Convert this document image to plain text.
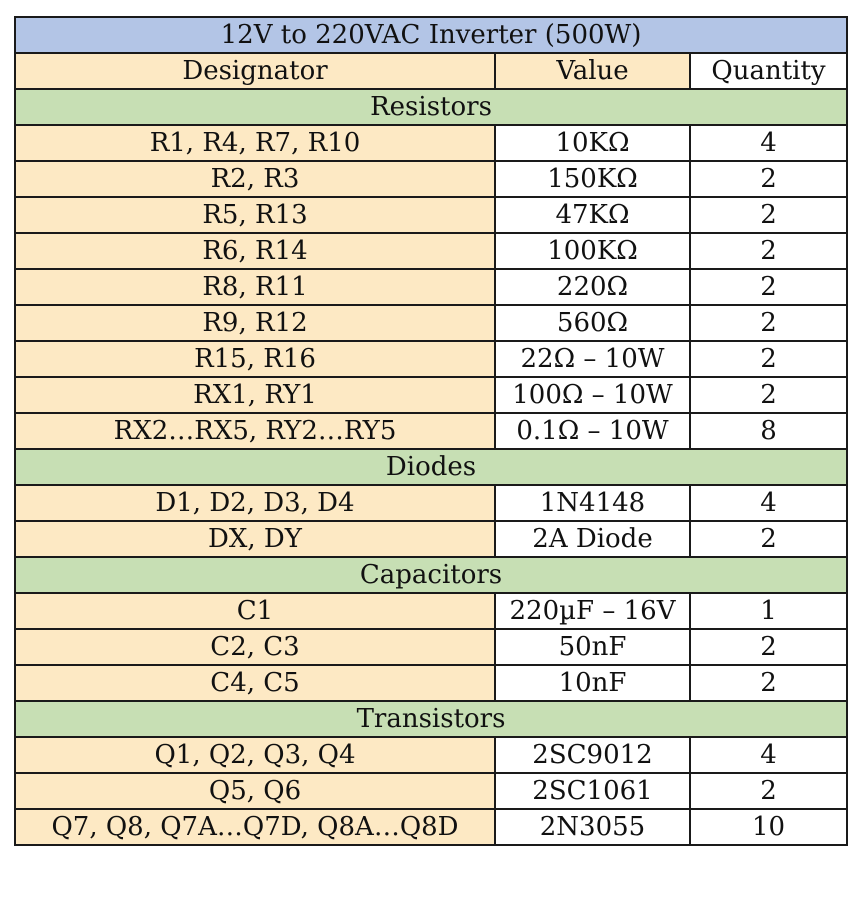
12V to 220VAC Inverter (500W)		
Designator	Value	Quantity
Resistors		
R1, R4, R7, R10	10KΩ	4
R2, R3	150KΩ	2
R5, R13	47KΩ	2
R6, R14	100KΩ	2
R8, R11	220Ω	2
R9, R12	560Ω	2
R15, R16	22Ω – 10W	2
RX1, RY1	100Ω – 10W	2
RX2…RX5, RY2…RY5	0.1Ω – 10W	8
Diodes		
D1, D2, D3, D4	1N4148	4
DX, DY	2A Diode	2
Capacitors		
C1	220µF – 16V	1
C2, C3	50nF	2
C4, C5	10nF	2
Transistors		
Q1, Q2, Q3, Q4	2SC9012	4
Q5, Q6	2SC1061	2
Q7, Q8, Q7A…Q7D, Q8A…Q8D	2N3055	10
